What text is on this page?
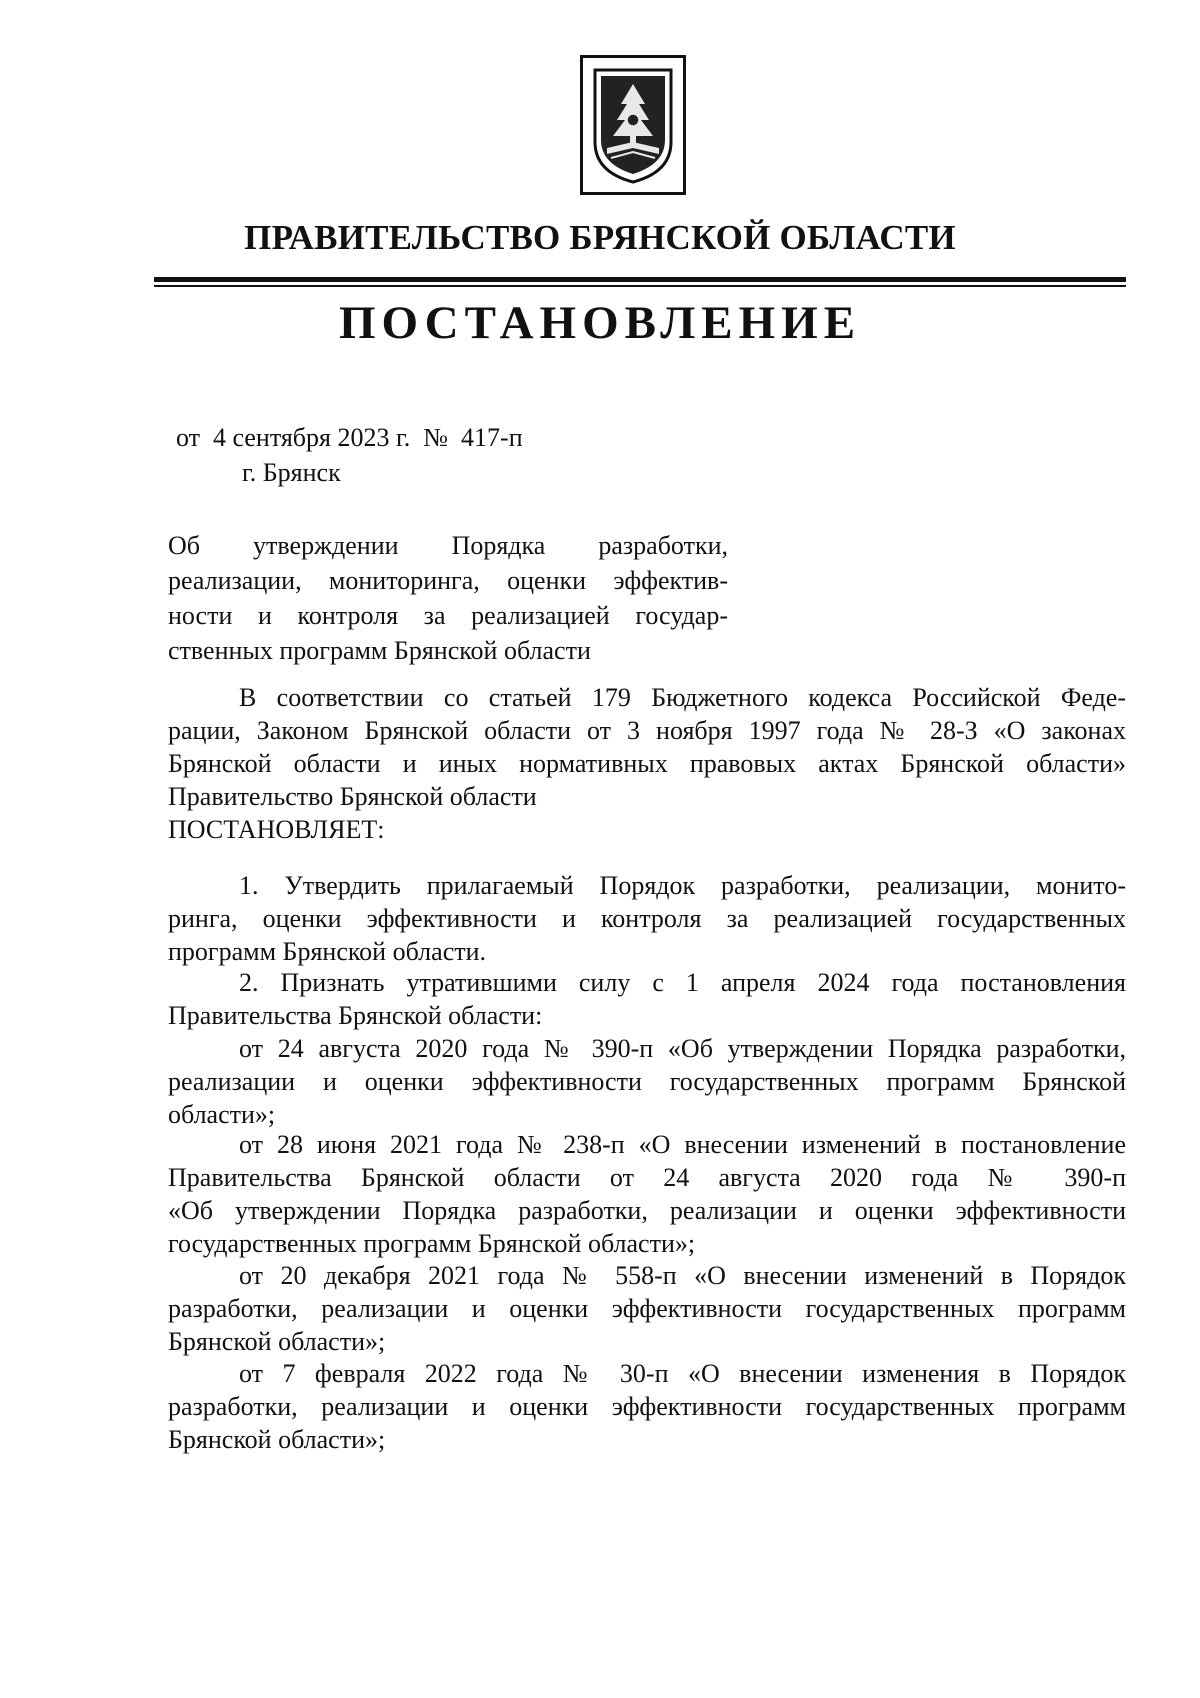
ПРАВИТЕЛЬСТВО БРЯНСКОЙ ОБЛАСТИ
ПОСТАНОВЛЕНИЕ
от  4 сентября 2023 г.  №  417-п
г. Брянск
Об утверждении Порядка разработки,
реализации, мониторинга, оценки эффектив-
ности и контроля за реализацией государ-
ственных программ Брянской области
В соответствии со статьей 179 Бюджетного кодекса Российской Феде-
рации, Законом Брянской области от 3 ноября 1997 года № 28-З «О законах
Брянской области и иных нормативных правовых актах Брянской области»
Правительство Брянской области
ПОСТАНОВЛЯЕТ:
1. Утвердить прилагаемый Порядок разработки, реализации, монито-
ринга, оценки эффективности и контроля за реализацией государственных
программ Брянской области.
2. Признать утратившими силу с 1 апреля 2024 года постановления
Правительства Брянской области:
от 24 августа 2020 года № 390-п «Об утверждении Порядка разработки,
реализации и оценки эффективности государственных программ Брянской
области»;
от 28 июня 2021 года № 238-п «О внесении изменений в постановление
Правительства Брянской области от 24 августа 2020 года № 390-п
«Об утверждении Порядка разработки, реализации и оценки эффективности
государственных программ Брянской области»;
от 20 декабря 2021 года № 558-п «О внесении изменений в Порядок
разработки, реализации и оценки эффективности государственных программ
Брянской области»;
от 7 февраля 2022 года № 30-п «О внесении изменения в Порядок
разработки, реализации и оценки эффективности государственных программ
Брянской области»;
